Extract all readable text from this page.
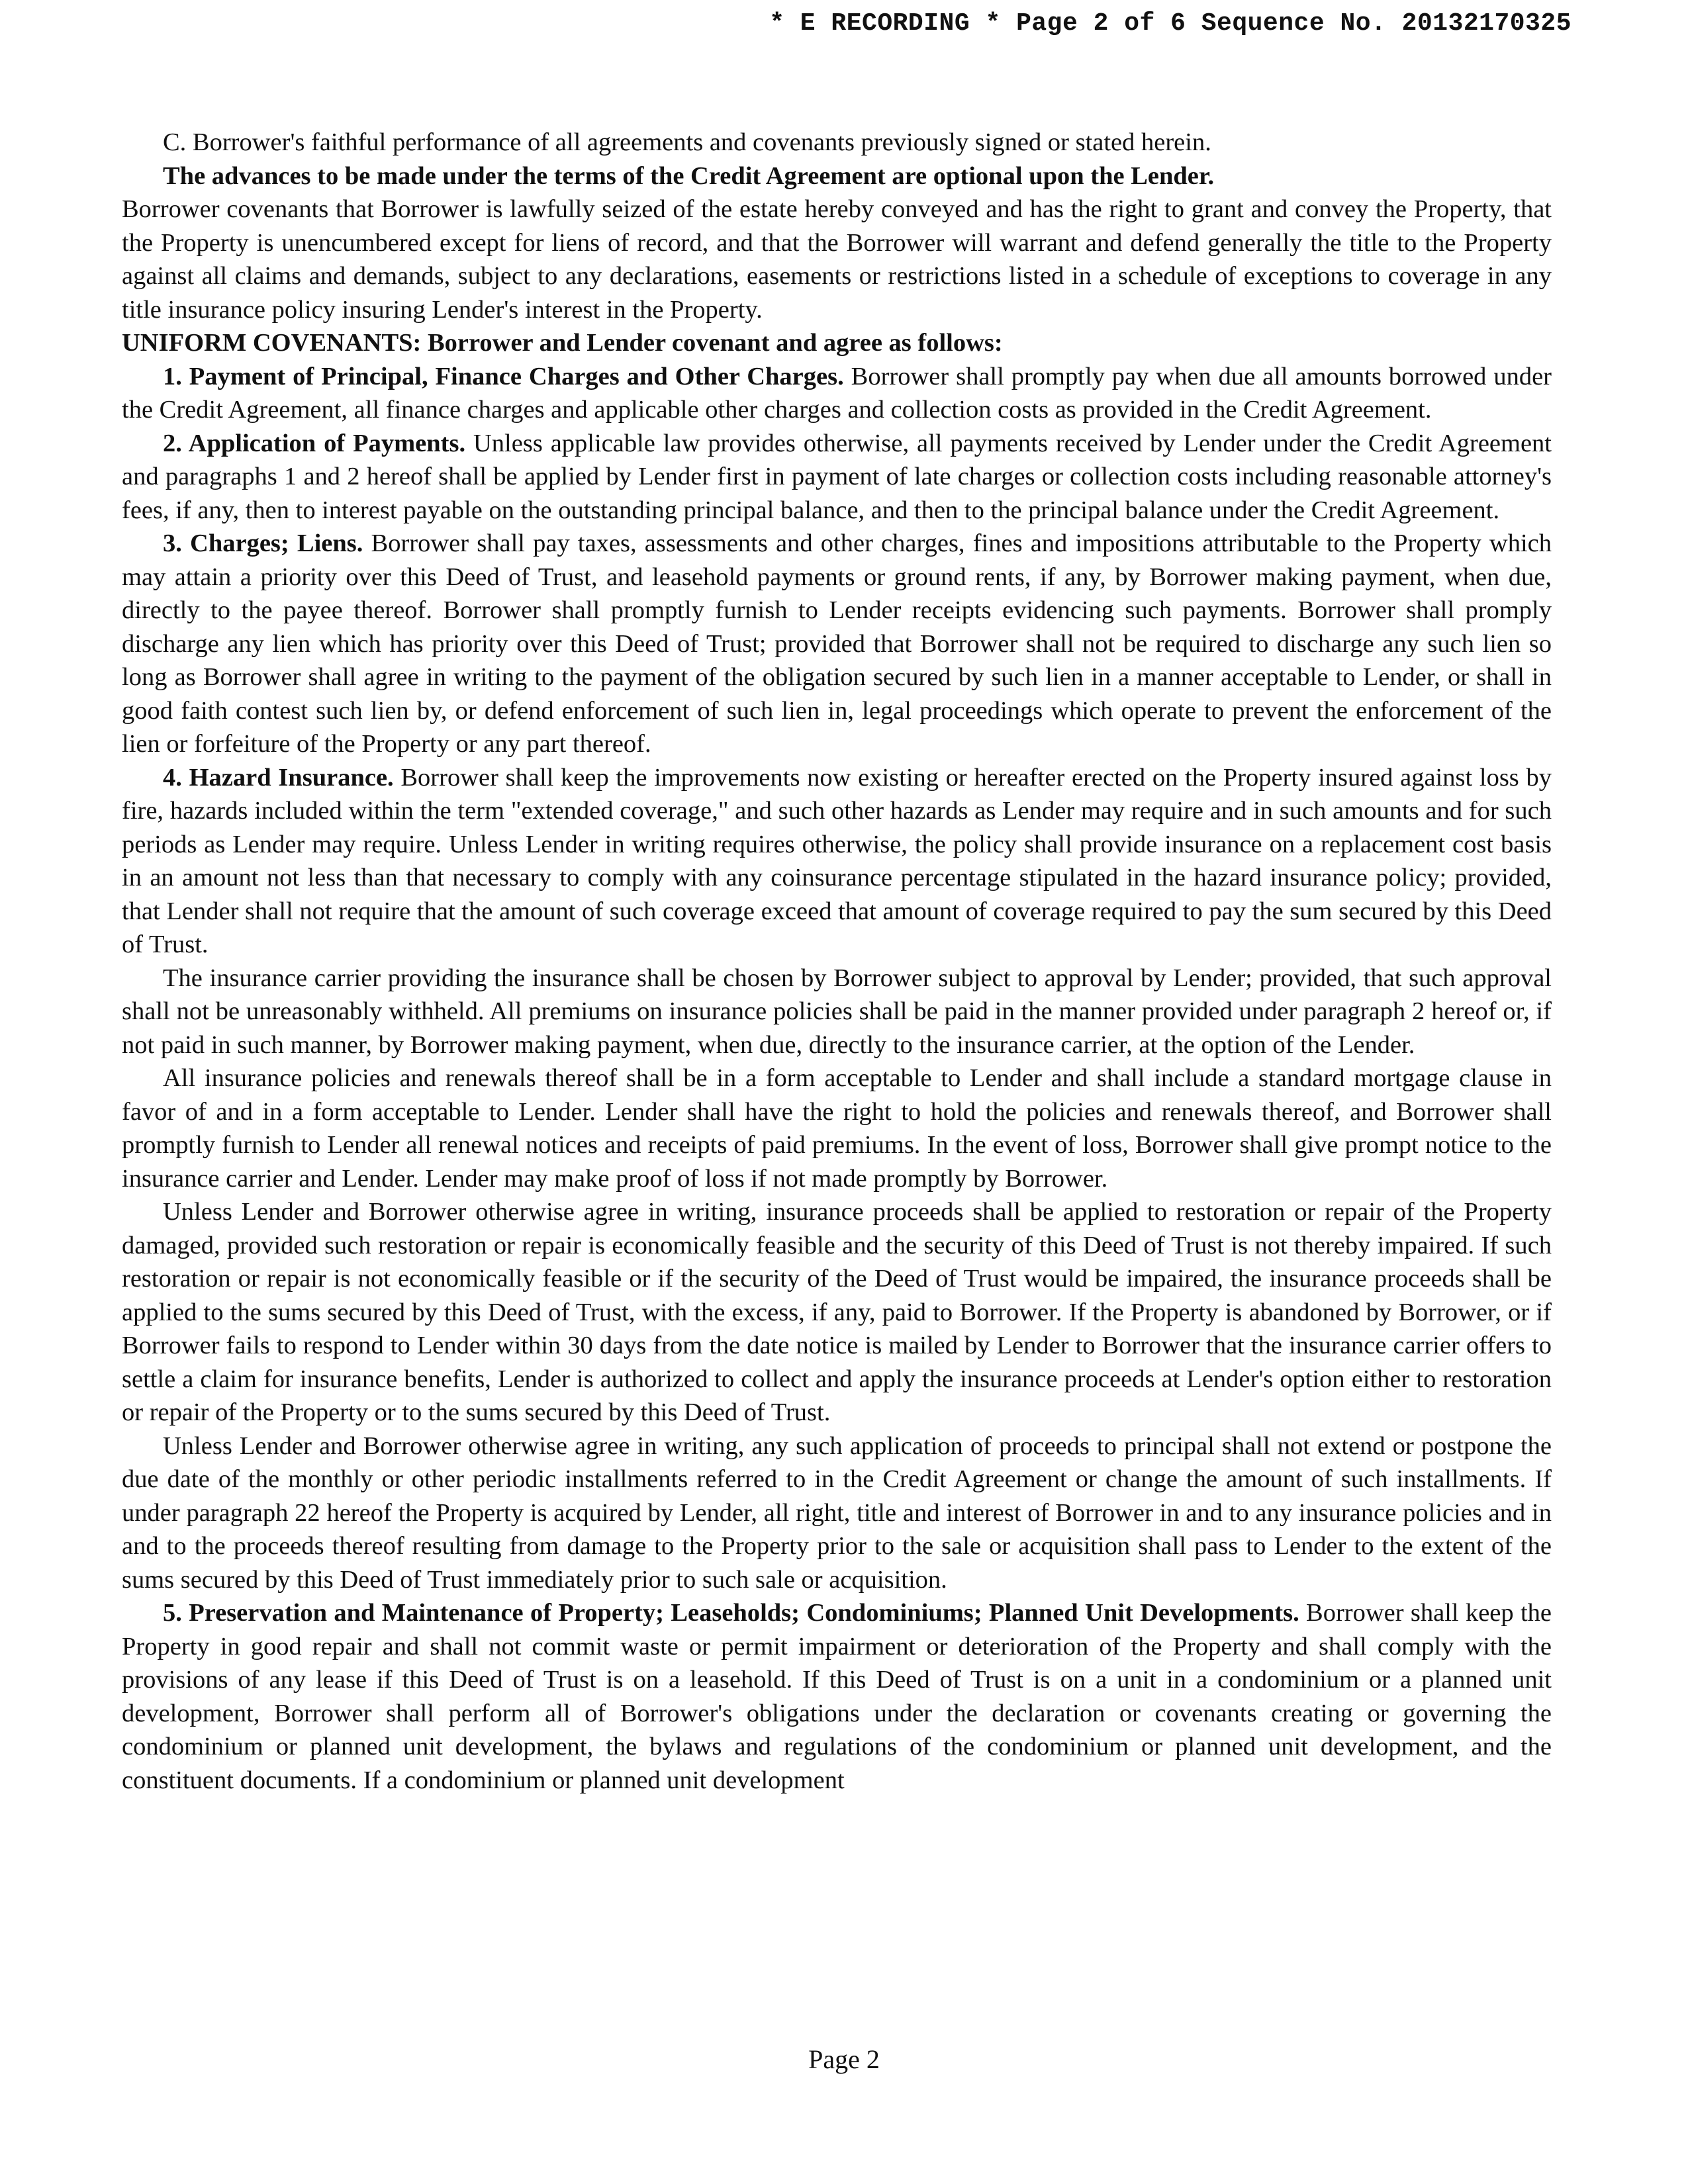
* E RECORDING * Page 2 of 6 Sequence No. 20132170325

C. Borrower's faithful performance of all agreements and covenants previously signed or stated herein.

The advances to be made under the terms of the Credit Agreement are optional upon the Lender.

Borrower covenants that Borrower is lawfully seized of the estate hereby conveyed and has the right to grant and convey the Property, that the Property is unencumbered except for liens of record, and that the Borrower will warrant and defend generally the title to the Property against all claims and demands, subject to any declarations, easements or restrictions listed in a schedule of exceptions to coverage in any title insurance policy insuring Lender's interest in the Property.

UNIFORM COVENANTS: Borrower and Lender covenant and agree as follows:

1. Payment of Principal, Finance Charges and Other Charges. Borrower shall promptly pay when due all amounts borrowed under the Credit Agreement, all finance charges and applicable other charges and collection costs as provided in the Credit Agreement.

2. Application of Payments. Unless applicable law provides otherwise, all payments received by Lender under the Credit Agreement and paragraphs 1 and 2 hereof shall be applied by Lender first in payment of late charges or collection costs including reasonable attorney's fees, if any, then to interest payable on the outstanding principal balance, and then to the principal balance under the Credit Agreement.

3. Charges; Liens. Borrower shall pay taxes, assessments and other charges, fines and impositions attributable to the Property which may attain a priority over this Deed of Trust, and leasehold payments or ground rents, if any, by Borrower making payment, when due, directly to the payee thereof. Borrower shall promptly furnish to Lender receipts evidencing such payments. Borrower shall promply discharge any lien which has priority over this Deed of Trust; provided that Borrower shall not be required to discharge any such lien so long as Borrower shall agree in writing to the payment of the obligation secured by such lien in a manner acceptable to Lender, or shall in good faith contest such lien by, or defend enforcement of such lien in, legal proceedings which operate to prevent the enforcement of the lien or forfeiture of the Property or any part thereof.

4. Hazard Insurance. Borrower shall keep the improvements now existing or hereafter erected on the Property insured against loss by fire, hazards included within the term "extended coverage," and such other hazards as Lender may require and in such amounts and for such periods as Lender may require. Unless Lender in writing requires otherwise, the policy shall provide insurance on a replacement cost basis in an amount not less than that necessary to comply with any coinsurance percentage stipulated in the hazard insurance policy; provided, that Lender shall not require that the amount of such coverage exceed that amount of coverage required to pay the sum secured by this Deed of Trust.

The insurance carrier providing the insurance shall be chosen by Borrower subject to approval by Lender; provided, that such approval shall not be unreasonably withheld. All premiums on insurance policies shall be paid in the manner provided under paragraph 2 hereof or, if not paid in such manner, by Borrower making payment, when due, directly to the insurance carrier, at the option of the Lender.

All insurance policies and renewals thereof shall be in a form acceptable to Lender and shall include a standard mortgage clause in favor of and in a form acceptable to Lender. Lender shall have the right to hold the policies and renewals thereof, and Borrower shall promptly furnish to Lender all renewal notices and receipts of paid premiums. In the event of loss, Borrower shall give prompt notice to the insurance carrier and Lender. Lender may make proof of loss if not made promptly by Borrower.

Unless Lender and Borrower otherwise agree in writing, insurance proceeds shall be applied to restoration or repair of the Property damaged, provided such restoration or repair is economically feasible and the security of this Deed of Trust is not thereby impaired. If such restoration or repair is not economically feasible or if the security of the Deed of Trust would be impaired, the insurance proceeds shall be applied to the sums secured by this Deed of Trust, with the excess, if any, paid to Borrower. If the Property is abandoned by Borrower, or if Borrower fails to respond to Lender within 30 days from the date notice is mailed by Lender to Borrower that the insurance carrier offers to settle a claim for insurance benefits, Lender is authorized to collect and apply the insurance proceeds at Lender's option either to restoration or repair of the Property or to the sums secured by this Deed of Trust.

Unless Lender and Borrower otherwise agree in writing, any such application of proceeds to principal shall not extend or postpone the due date of the monthly or other periodic installments referred to in the Credit Agreement or change the amount of such installments. If under paragraph 22 hereof the Property is acquired by Lender, all right, title and interest of Borrower in and to any insurance policies and in and to the proceeds thereof resulting from damage to the Property prior to the sale or acquisition shall pass to Lender to the extent of the sums secured by this Deed of Trust immediately prior to such sale or acquisition.

5. Preservation and Maintenance of Property; Leaseholds; Condominiums; Planned Unit Developments. Borrower shall keep the Property in good repair and shall not commit waste or permit impairment or deterioration of the Property and shall comply with the provisions of any lease if this Deed of Trust is on a leasehold. If this Deed of Trust is on a unit in a condominium or a planned unit development, Borrower shall perform all of Borrower's obligations under the declaration or covenants creating or governing the condominium or planned unit development, the bylaws and regulations of the condominium or planned unit development, and the constituent documents. If a condominium or planned unit development

Page 2
